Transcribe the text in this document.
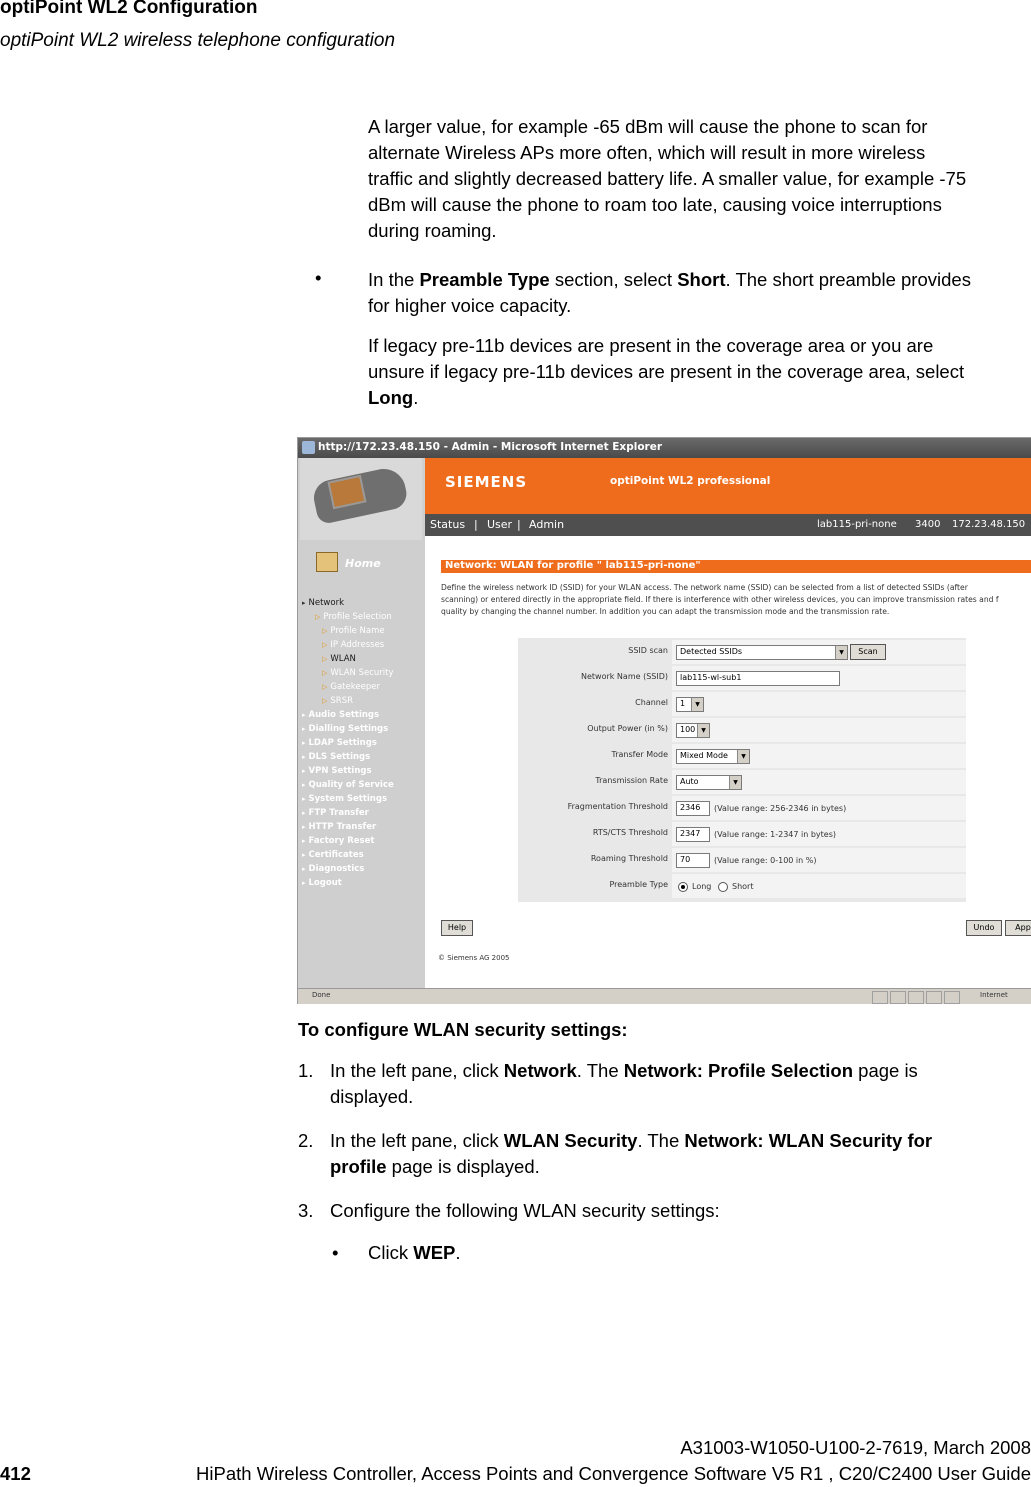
optiPoint WL2 Configuration
optiPoint WL2 wireless telephone configuration
A larger value, for example -65 dBm will cause the phone to scan for
alternate Wireless APs more often, which will result in more wireless
traffic and slightly decreased battery life. A smaller value, for example -75
dBm will cause the phone to roam too late, causing voice interruptions
during roaming.
•	In the Preamble Type section, select Short. The short preamble provides
for higher voice capacity.
If legacy pre-11b devices are present in the coverage area or you are
unsure if legacy pre-11b devices are present in the coverage area, select
Long.
http://172.23.48.150 - Admin - Microsoft Internet Explorer
Home
▸ Network
▷ Profile Selection
▷ Profile Name
▷ IP Addresses
▷ WLAN
▷ WLAN Security
▷ Gatekeeper
▷ SRSR
▸ Audio Settings
▸ Dialling Settings
▸ LDAP Settings
▸ DLS Settings
▸ VPN Settings
▸ Quality of Service
▸ System Settings
▸ FTP Transfer
▸ HTTP Transfer
▸ Factory Reset
▸ Certificates
▸ Diagnostics
▸ Logout
SIEMENS	optiPoint WL2 professional
Status | User | Admin	lab115-pri-none 3400 172.23.48.150
Network: WLAN for profile " lab115-pri-none"
Define the wireless network ID (SSID) for your WLAN access. The network name (SSID) can be selected from a list of detected SSIDs (after
scanning) or entered directly in the appropriate field. If there is interference with other wireless devices, you can improve transmission rates and f
quality by changing the channel number. In addition you can adapt the transmission mode and the transmission rate.
SSID scan Detected SSIDs	▼	Scan
Network Name (SSID) lab115-wl-sub1
Channel 1	▼
Output Power (in %) 100 ▼
Transfer Mode Mixed Mode	▼
Transmission Rate Auto	▼
Fragmentation Threshold 2346 (Value range: 256-2346 in bytes)
RTS/CTS Threshold 2347 (Value range: 1-2347 in bytes)
Roaming Threshold 70	(Value range: 0-100 in %)
Preamble Type	Long	Short
Help	Undo	App
© Siemens AG 2005
Done	Internet
To configure WLAN security settings:
1. In the left pane, click Network. The Network: Profile Selection page is
displayed.
2. In the left pane, click WLAN Security. The Network: WLAN Security for
profile page is displayed.
3. Configure the following WLAN security settings:
• Click WEP.
A31003-W1050-U100-2-7619, March 2008
412	HiPath Wireless Controller, Access Points and Convergence Software V5 R1 , C20/C2400 User Guide
